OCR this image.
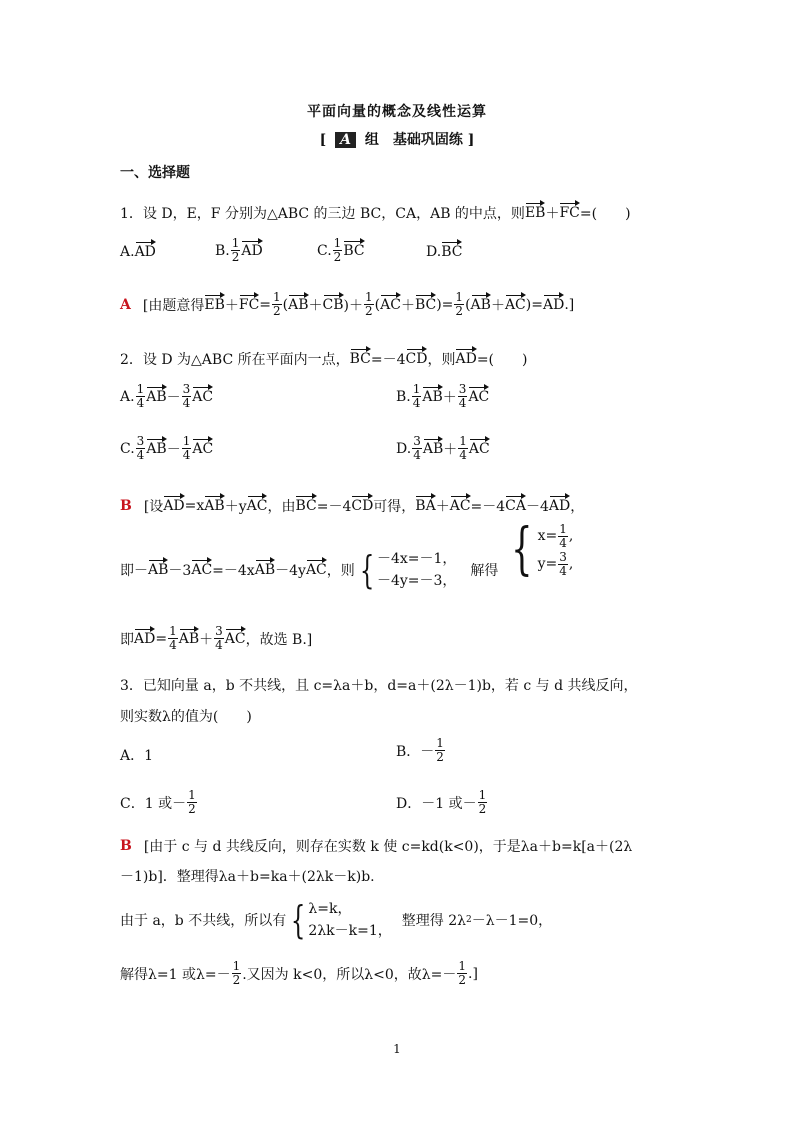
平面向量的概念及线性运算
[ A 组　基础巩固练 ]
一、选择题
1．设 D，E，F 分别为△ABC 的三边 BC，CA，AB 的中点，则 EB ＋ FC =(　　)
A. AD	B. 1
2 AD	C. 1
2 BC	D. BC
A [由题意得 EB ＋ FC = 1
2 ( AB ＋ CB )＋
1
2 ( AC ＋ BC )= 1
2 ( AB ＋ AC )= AD .]
2．设 D 为△ABC 所在平面内一点， BC =－4 CD ，则 AD =(　　)
A. 1
4 AB －
3
4 AC	B. 1
4 AB ＋
3
4 AC
C. 3
4 AB －
1
4 AC	D. 3
4 AB ＋
1
4 AC
B [设 AD =x AB ＋y AC ，由 BC =－4 CD 可得， BA ＋ AC =－4 CA －4 AD ，
即－ AB －3 AC =－4x AB －4y AC ，则 { －4x=－1，
－4y=－3，
解得 { $x= \frac{1}{4}$ ,
$y= \frac{3}{4}$ ,
即 AD = $\frac{1}{4}$ AB ＋
3
4 AC ，故选 B.]
3．已知向量 a，b 不共线，且 c=λa＋b，d=a＋(2λ－1)b，若 c 与 d 共线反向，
则实数λ的值为(　　)
A．1	B．－
1
2
C．1 或－
1
2	D．－1 或－
1
2
B [由于 c 与 d 共线反向，则存在实数 k 使 c=kd(k<0)，于是λa＋b=k[a＋(2λ
－1)b]．整理得λa＋b=ka＋(2λk－k)b.
由于 a，b 不共线，所以有 { λ=k，
2λk－k=1，
整理得 2λ 2 －λ－1=0，
解得λ=1 或λ=－
1
2 .又因为 k<0，所以λ<0，故λ=－
1
2 .]
1
